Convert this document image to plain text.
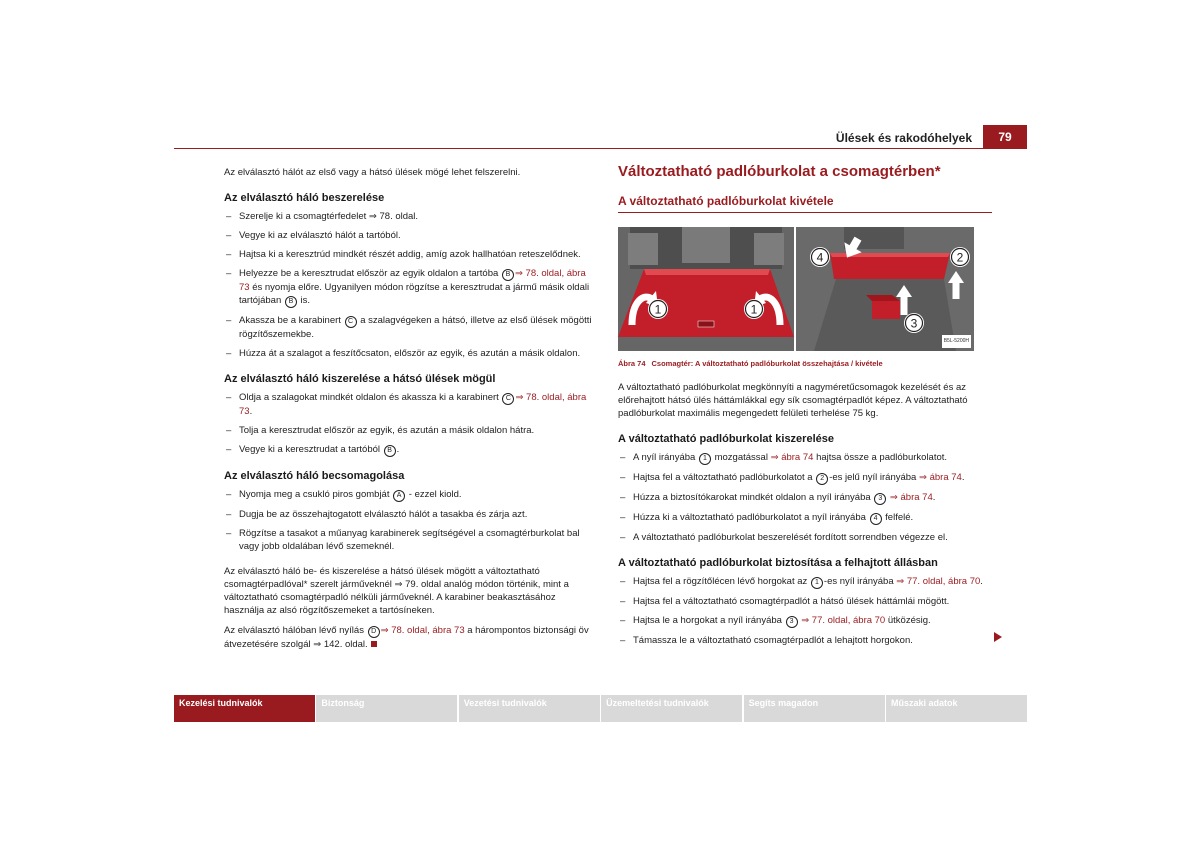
Ülések és rakodóhelyek	79

Az elválasztó hálót az első vagy a hátsó ülések mögé lehet felszerelni.

Az elválasztó háló beszerelése
– Szerelje ki a csomagtérfedelet ⇒ 78. oldal.
– Vegye ki az elválasztó hálót a tartóból.
– Hajtsa ki a keresztrúd mindkét részét addig, amíg azok hallhatóan reteszelődnek.
– Helyezze be a keresztrudat először az egyik oldalon a tartóba B ⇒ 78. oldal, ábra 73 és nyomja előre. Ugyanilyen módon rögzítse a keresztrudat a jármű másik oldali tartójában B is.
– Akassza be a karabinert C a szalagvégeken a hátsó, illetve az első ülések mögötti rögzítőszemekbe.
– Húzza át a szalagot a feszítőcsaton, először az egyik, és azután a másik oldalon.
Az elválasztó háló kiszerelése a hátsó ülések mögül
– Oldja a szalagokat mindkét oldalon és akassza ki a karabinert C ⇒ 78. oldal, ábra 73.
– Tolja a keresztrudat először az egyik, és azután a másik oldalon hátra.
– Vegye ki a keresztrudat a tartóból B .
Az elválasztó háló becsomagolása
– Nyomja meg a csukló piros gombját A - ezzel kiold.
– Dugja be az összehajtogatott elválasztó hálót a tasakba és zárja azt.
– Rögzítse a tasakot a műanyag karabinerek segítségével a csomagtérburkolat bal vagy jobb oldalában lévő szemeknél.

Az elválasztó háló be- és kiszerelése a hátsó ülések mögött a változtatható csomagtérpadlóval* szerelt járműveknél ⇒ 79. oldal analóg módon történik, mint a változtatható csomagtérpadló nélküli járműveknél. A karabiner beakasztásához használja az alsó rögzítőszemeket a tartósíneken.

Az elválasztó hálóban lévő nyílás D ⇒ 78. oldal, ábra 73 a hárompontos biztonsági öv átvezetésére szolgál ⇒ 142. oldal.

Változtatható padlóburkolat a csomagtérben*
A változtatható padlóburkolat kivétele
1	1
4	2
3
B5L-5200H
Ábra 74 Csomagtér: A változtatható padlóburkolat összehajtása / kivétele

A változtatható padlóburkolat megkönnyíti a nagyméretűcsomagok kezelését és az előrehajtott hátsó ülés háttámlákkal egy sík csomagtérpadlót képez. A változtatható padlóburkolat maximális megengedett felületi terhelése 75 kg.

A változtatható padlóburkolat kiszerelése
– A nyíl irányába 1 mozgatással ⇒ ábra 74 hajtsa össze a padlóburkolatot.
– Hajtsa fel a változtatható padlóburkolatot a 2 -es jelű nyíl irányába ⇒ ábra 74.
– Húzza a biztosítókarokat mindkét oldalon a nyíl irányába 3 ⇒ ábra 74.
– Húzza ki a változtatható padlóburkolatot a nyíl irányába 4 felfelé.
– A változtatható padlóburkolat beszerelését fordított sorrendben végezze el.
A változtatható padlóburkolat biztosítása a felhajtott állásban
– Hajtsa fel a rögzítőlécen lévő horgokat az 1 -es nyíl irányába ⇒ 77. oldal, ábra 70.
– Hajtsa fel a változtatható csomagtérpadlót a hátsó ülések háttámlái mögött.
– Hajtsa le a horgokat a nyíl irányába 3 ⇒ 77. oldal, ábra 70 ütközésig.
– Támassza le a változtatható csomagtérpadlót a lehajtott horgokon.
Kezelési tudnivalók	Biztonság	Vezetési tudnivalók	Üzemeltetési tudnivalók	Segíts magadon	Műszaki adatok
